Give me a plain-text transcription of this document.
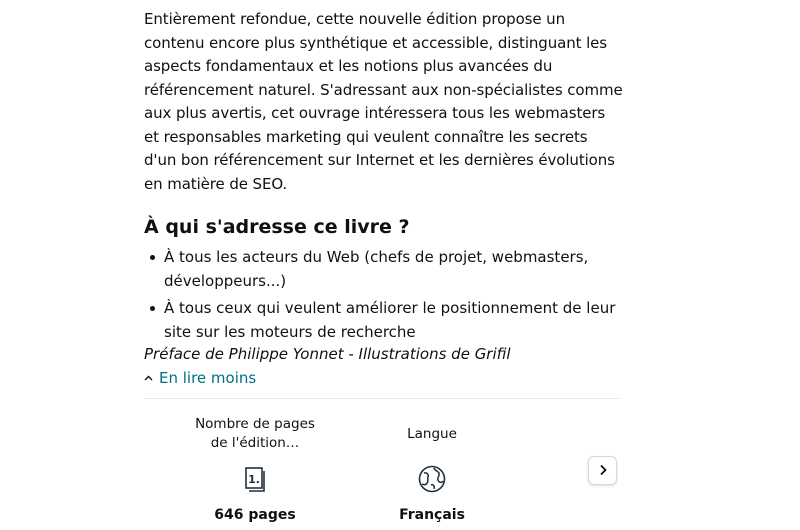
Entièrement refondue, cette nouvelle édition propose un contenu encore plus synthétique et accessible, distinguant les aspects fondamentaux et les notions plus avancées du référencement naturel. S'adressant aux non-spécialistes comme aux plus avertis, cet ouvrage intéressera tous les webmasters et responsables marketing qui veulent connaître les secrets d'un bon référencement sur Internet et les dernières évolutions en matière de SEO.

À qui s'adresse ce livre ?
À tous les acteurs du Web (chefs de projet, webmasters, développeurs...)
À tous ceux qui veulent améliorer le positionnement de leur site sur les moteurs de recherche
Préface de Philippe Yonnet - Illustrations de Grifil
En lire moins
Nombre de pages de l'édition…
1.
646 pages
Langue
Français
